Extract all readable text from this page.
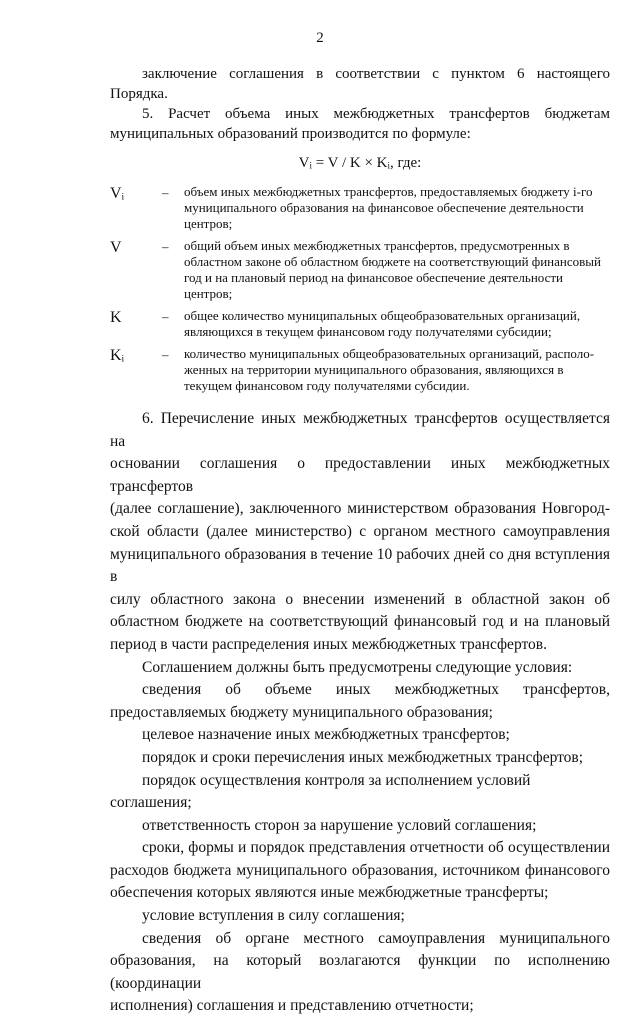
2

заключение соглашения в соответствии с пунктом 6 настоящего

Порядка.

5. Расчет объема иных межбюджетных трансфертов бюджетам

муниципальных образований производится по формуле:

Vᵢ = V / K × Kᵢ, где:
Vᵢ	–	объем иных межбюджетных трансфертов, предоставляемых бюджету i-го муниципального образования на финансовое обеспечение деятельности центров;
V	–	общий объем иных межбюджетных трансфертов, предусмотренных в областном законе об областном бюджете на соответствующий финансовый год и на плановый период на финансовое обеспечение деятельности центров;
K	–	общее количество муниципальных общеобразовательных организаций, являющихся в текущем финансовом году получателями субсидии;
Kᵢ	–	количество муниципальных общеобразовательных организаций, располо-женных на территории муниципального образования, являющихся в текущем финансовом году получателями субсидии.

6. Перечисление иных межбюджетных трансфертов осуществляется на

основании соглашения о предоставлении иных межбюджетных трансфертов

(далее соглашение), заключенного министерством образования Новгород-

ской области (далее министерство) с органом местного самоуправления

муниципального образования в течение 10 рабочих дней со дня вступления в

силу областного закона о внесении изменений в областной закон об

областном бюджете на соответствующий финансовый год и на плановый

период в части распределения иных межбюджетных трансфертов.

Соглашением должны быть предусмотрены следующие условия:

сведения об объеме иных межбюджетных трансфертов,

предоставляемых бюджету муниципального образования;

целевое назначение иных межбюджетных трансфертов;

порядок и сроки перечисления иных межбюджетных трансфертов;

порядок осуществления контроля за исполнением условий соглашения;

ответственность сторон за нарушение условий соглашения;

сроки, формы и порядок представления отчетности об осуществлении

расходов бюджета муниципального образования, источником финансового

обеспечения которых являются иные межбюджетные трансферты;

условие вступления в силу соглашения;

сведения об органе местного самоуправления муниципального

образования, на который возлагаются функции по исполнению (координации

исполнения) соглашения и представлению отчетности;
